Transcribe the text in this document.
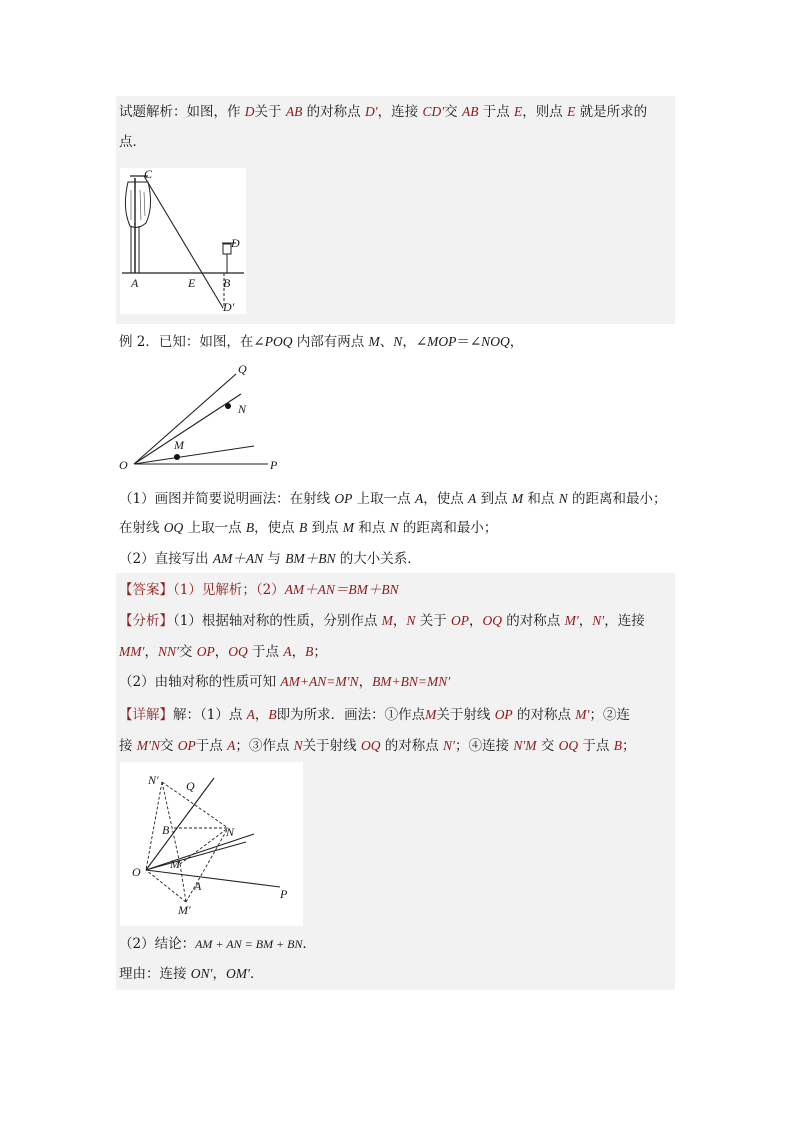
试题解析：如图，作 D关于 AB 的对称点 D′，连接 CD′交 AB 于点 E，则点 E 就是所求的
点．
C
D
A	E B
D′
例 2．已知：如图，在∠POQ 内部有两点 M、N，∠MOP＝∠NOQ，
O	P
Q
N
M
（1）画图并简要说明画法：在射线 OP 上取一点 A，使点 A 到点 M 和点 N 的距离和最小；
在射线 OQ 上取一点 B，使点 B 到点 M 和点 N 的距离和最小；
（2）直接写出 AM＋AN 与 BM＋BN 的大小关系．
【答案】（1）见解析；（2）AM＋AN＝BM＋BN
【分析】（1）根据轴对称的性质，分别作点 M，N 关于 OP，OQ 的对称点 M′，N′，连接
MM′，NN′交 OP，OQ 于点 A，B；
（2）由轴对称的性质可知 AM+AN=M′N，BM+BN=MN′
【详解】解：（1）点 A，B即为所求．画法：①作点M关于射线 OP 的对称点 M′；②连
接 M′N交 OP于点 A；③作点 N关于射线 OQ 的对称点 N′；④连接 N′M 交 OQ 于点 B；
N′ Q
B	N
O
M
A
P
M′
（2）结论：AM + AN = BM + BN．
理由：连接 ON′，OM′．
